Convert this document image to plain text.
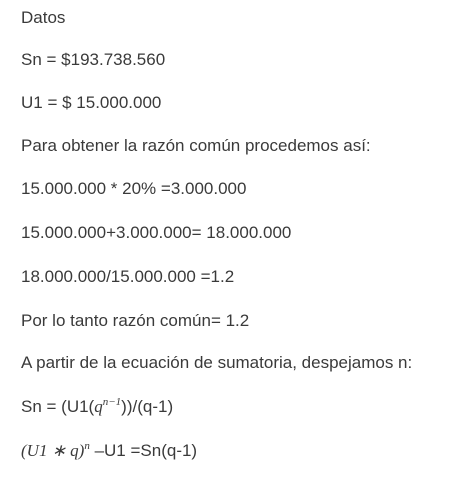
Datos
Sn = $193.738.560
U1 = $ 15.000.000
Para obtener la razón común procedemos así:
15.000.000 * 20% =3.000.000
15.000.000+3.000.000= 18.000.000
18.000.000/15.000.000 =1.2
Por lo tanto razón común= 1.2
A partir de la ecuación de sumatoria, despejamos n:
$Sn = (U1(q^{n-1}))/(q-1)$
(U1 ∗ q)$^n$ –U1 =Sn(q-1)
